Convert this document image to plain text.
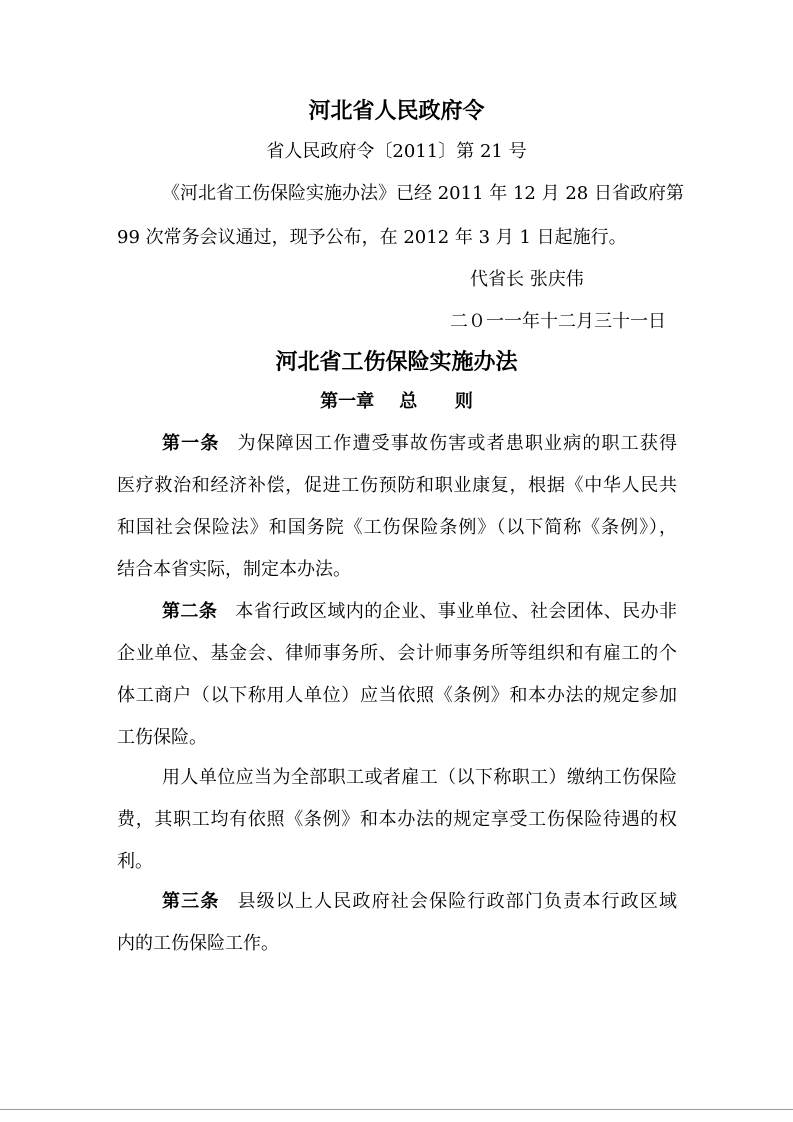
河北省人民政府令
省人民政府令〔2011〕第 21 号
《河北省工伤保险实施办法》已经 2011 年 12 月 28 日省政府第
99 次常务会议通过，现予公布，在 2012 年 3 月 1 日起施行。
代省长 张庆伟
二０一一年十二月三十一日
河北省工伤保险实施办法
第一章    总      则
第一条 为保障因工作遭受事故伤害或者患职业病的职工获得
医疗救治和经济补偿，促进工伤预防和职业康复，根据《中华人民共
和国社会保险法》和国务院《工伤保险条例》（以下简称《条例》），
结合本省实际，制定本办法。
第二条 本省行政区域内的企业、事业单位、社会团体、民办非
企业单位、基金会、律师事务所、会计师事务所等组织和有雇工的个
体工商户（以下称用人单位）应当依照《条例》和本办法的规定参加
工伤保险。
用人单位应当为全部职工或者雇工（以下称职工）缴纳工伤保险
费，其职工均有依照《条例》和本办法的规定享受工伤保险待遇的权
利。
第三条 县级以上人民政府社会保险行政部门负责本行政区域
内的工伤保险工作。
